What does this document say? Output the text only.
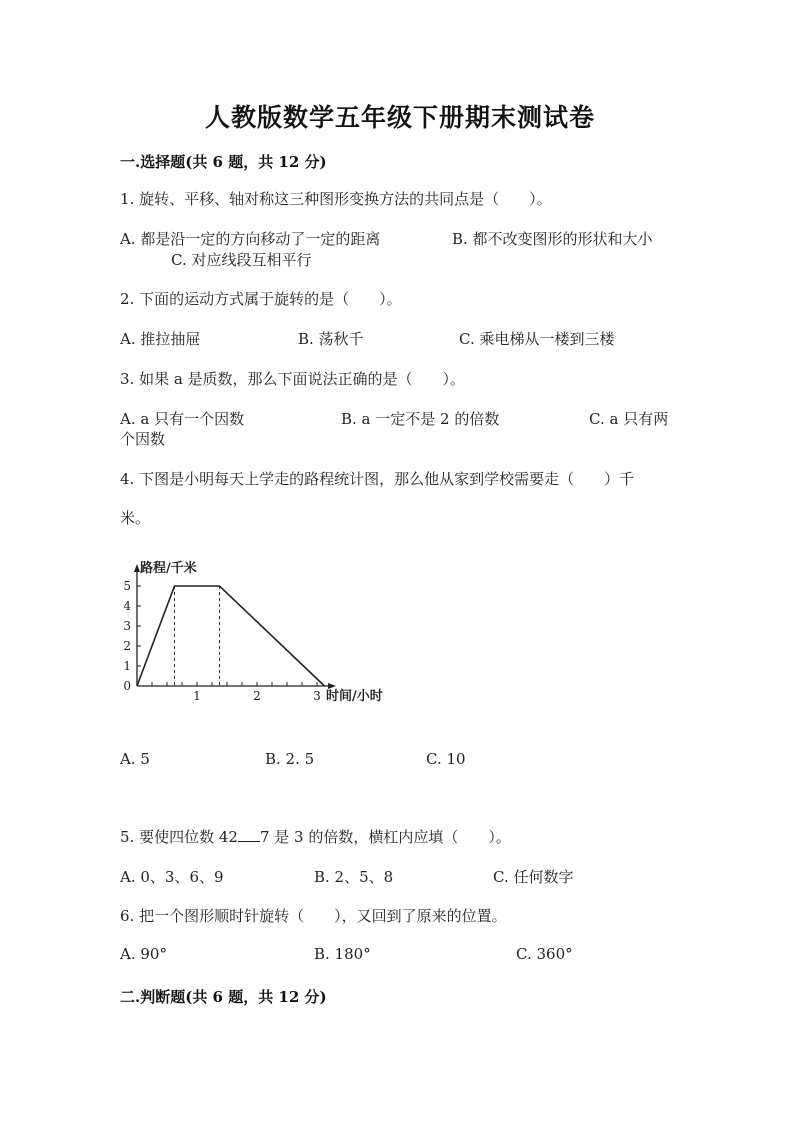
人教版数学五年级下册期末测试卷
一.选择题(共 6 题，共 12 分)
1. 旋转、平移、轴对称这三种图形变换方法的共同点是（　　）。
A. 都是沿一定的方向移动了一定的距离	B. 都不改变图形的形状和大小
C. 对应线段互相平行
2. 下面的运动方式属于旋转的是（　　）。
A. 推拉抽屉	B. 荡秋千	C. 乘电梯从一楼到三楼
3. 如果 a 是质数，那么下面说法正确的是（　　）。
A. a 只有一个因数	B. a 一定不是 2 的倍数	C. a 只有两
个因数
4. 下图是小明每天上学走的路程统计图，那么他从家到学校需要走（　　）千
米。
0
1
2
3
4
5
1	2	3
路程/千米
时间/小时
A. 5	B. 2. 5	C. 10
5. 要使四位数 42 7 是 3 的倍数，横杠内应填（　　）。
A. 0、3、6、9	B. 2、5、8	C. 任何数字
6. 把一个图形顺时针旋转（　　），又回到了原来的位置。
A. 90°	B. 180°	C. 360°
二.判断题(共 6 题，共 12 分)
